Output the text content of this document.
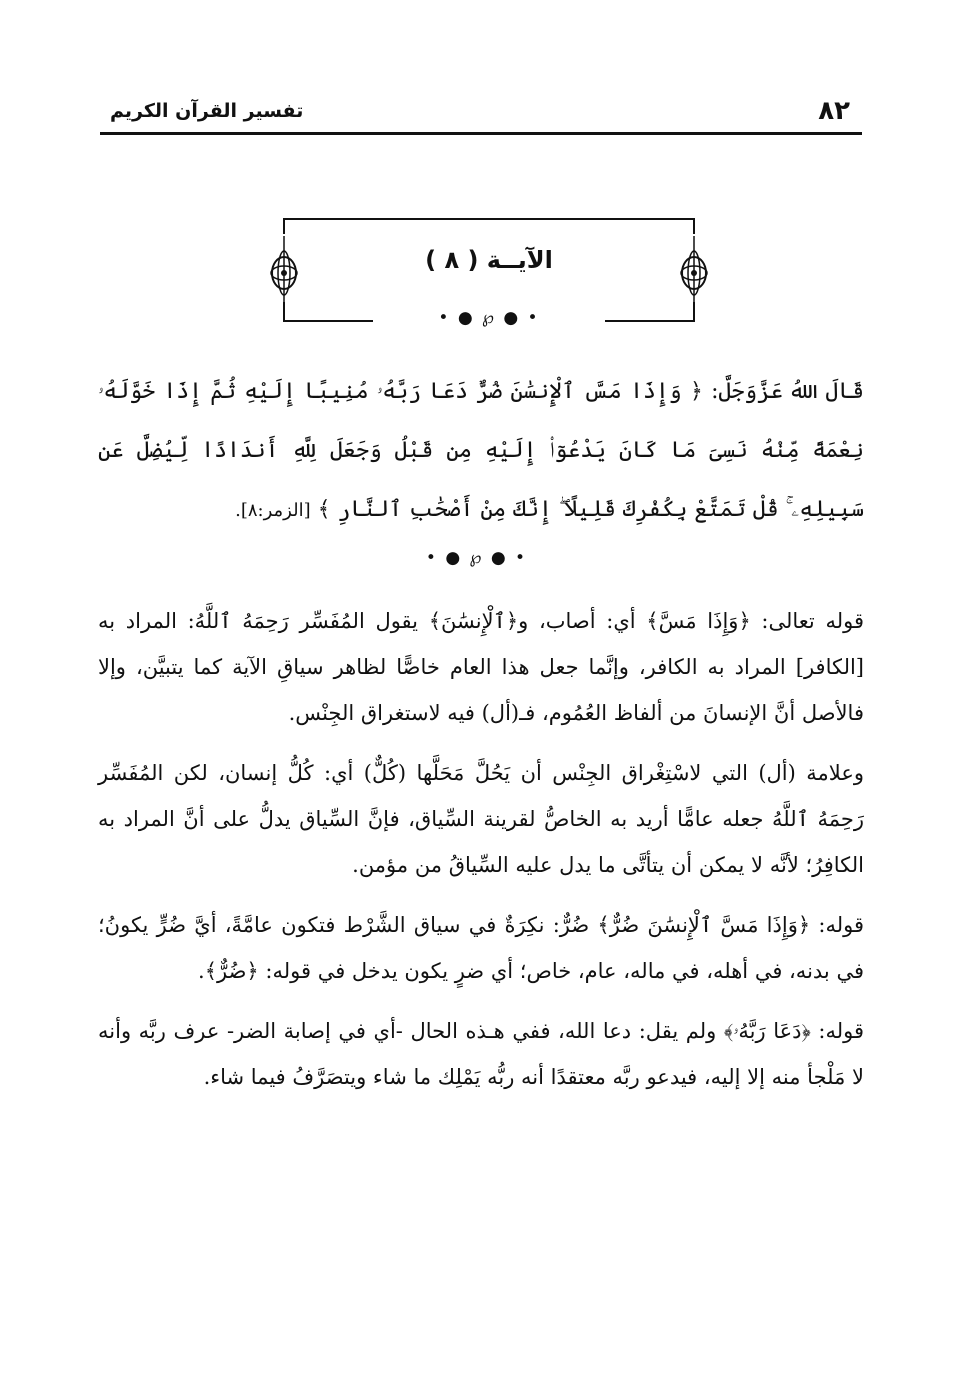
٨٢
تفسير القرآن الكريم
الآيــة ( ٨ )
• ● ℘ ● •
قَالَ اللهُ عَزَّوَجَلَّ: ﴿ وَإِذَا مَسَّ ٱلْإِنسَٰنَ ضُرٌّ دَعَا رَبَّهُۥ مُنِيبًا إِلَيْهِ ثُمَّ إِذَا خَوَّلَهُۥ نِعْمَةً مِّنْهُ نَسِىَ مَا كَانَ يَدْعُوٓا۟ إِلَيْهِ مِن قَبْلُ وَجَعَلَ لِلَّهِ أَندَادًا لِّيُضِلَّ عَن سَبِيلِهِۦ ۚ قُلْ تَمَتَّعْ بِكُفْرِكَ قَلِيلًا ۖ إِنَّكَ مِنْ أَصْحَٰبِ ٱلنَّارِ ﴾ [الزمر:٨].
• ● ℘ ● •

قوله تعالى: ﴿وَإِذَا مَسَّ﴾ أي: أصاب، و﴿ٱلْإِنسَٰنَ﴾ يقول المُفَسِّر رَحِمَهُ ٱللَّهُ: المراد به [الكافر] المراد به الكافر، وإنَّما جعل هذا العام خاصًّا لظاهر سياقِ الآية كما يتبيَّن، وإلا فالأصل أنَّ الإنسانَ من ألفاظ العُمُوم، فـ(أل) فيه لاستغراق الجِنْس.

وعلامة (أل) التي لاسْتِغْراق الجِنْس أن يَحُلَّ مَحَلَّها (كُلٌّ) أي: كُلُّ إنسان، لكن المُفَسِّر رَحِمَهُ ٱللَّهُ جعله عامًّا أريد به الخاصُّ لقرينة السِّياق، فإنَّ السِّياق يدلُّ على أنَّ المراد به الكافِرُ؛ لأنَّه لا يمكن أن يتأتَّى ما يدل عليه السِّياقُ من مؤمن.

قوله: ﴿وَإِذَا مَسَّ ٱلْإِنسَٰنَ ضُرٌّ﴾ ضُرٌّ: نكِرَةٌ في سياق الشَّرْط فتكون عامَّةً، أيَّ ضُرٍّ يكونُ؛ في بدنه، في أهله، في ماله، عام، خاص؛ أي ضرٍ يكون يدخل في قوله: ﴿ضُرٌّ﴾.

قوله: ﴿دَعَا رَبَّهُۥ﴾ ولم يقل: دعا الله، ففي هـذه الحال -أي في إصابة الضر- عرف ربَّه وأنه لا مَلْجأ منه إلا إليه، فيدعو ربَّه معتقدًا أنه ربُّه يَمْلِك ما شاء ويتصَرَّفُ فيما شاء.
